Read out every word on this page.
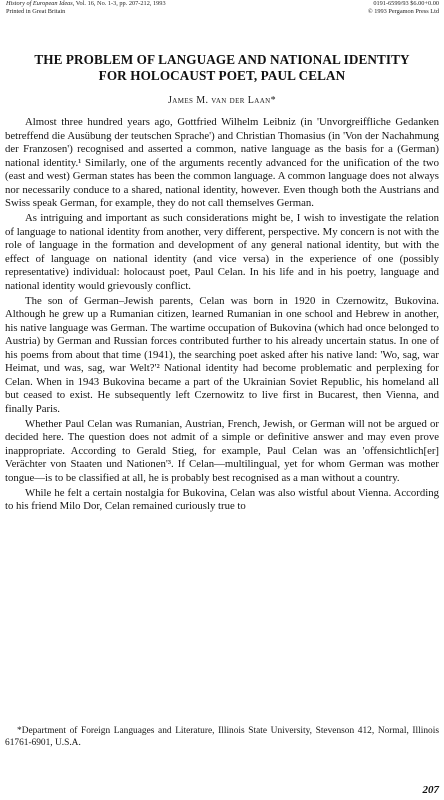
History of European Ideas, Vol. 16, No. 1-3, pp. 207-212, 1993
Printed in Great Britain
0191-6599/93 $6.00+0.00
© 1993 Pergamon Press Ltd
THE PROBLEM OF LANGUAGE AND NATIONAL IDENTITY
FOR HOLOCAUST POET, PAUL CELAN
James M. van der Laan*

Almost three hundred years ago, Gottfried Wilhelm Leibniz (in 'Unvorgreiffliche Gedanken betreffend die Ausübung der teutschen Sprache') and Christian Thomasius (in 'Von der Nachahmung der Franzosen') recognised and asserted a common, native language as the basis for a (German) national identity.¹ Similarly, one of the arguments recently advanced for the unification of the two (east and west) German states has been the common language. A common language does not always nor necessarily conduce to a shared, national identity, however. Even though both the Austrians and Swiss speak German, for example, they do not call themselves German.

As intriguing and important as such considerations might be, I wish to investigate the relation of language to national identity from another, very different, perspective. My concern is not with the role of language in the formation and development of any general national identity, but with the effect of language on national identity (and vice versa) in the experience of one (possibly representative) individual: holocaust poet, Paul Celan. In his life and in his poetry, language and national identity would grievously conflict.

The son of German–Jewish parents, Celan was born in 1920 in Czernowitz, Bukovina. Although he grew up a Rumanian citizen, learned Rumanian in one school and Hebrew in another, his native language was German. The wartime occupation of Bukovina (which had once belonged to Austria) by German and Russian forces contributed further to his already uncertain status. In one of his poems from about that time (1941), the searching poet asked after his native land: 'Wo, sag, war Heimat, und was, sag, war Welt?'² National identity had become problematic and perplexing for Celan. When in 1943 Bukovina became a part of the Ukrainian Soviet Republic, his homeland all but ceased to exist. He subsequently left Czernowitz to live first in Bucarest, then Vienna, and finally Paris.

Whether Paul Celan was Rumanian, Austrian, French, Jewish, or German will not be argued or decided here. The question does not admit of a simple or definitive answer and may even prove inappropriate. According to Gerald Stieg, for example, Paul Celan was an 'offensichtlich[er] Verächter von Staaten und Nationen'³. If Celan—multilingual, yet for whom German was mother tongue—is to be classified at all, he is probably best recognised as a man without a country.

While he felt a certain nostalgia for Bukovina, Celan was also wistful about Vienna. According to his friend Milo Dor, Celan remained curiously true to

*Department of Foreign Languages and Literature, Illinois State University, Stevenson 412, Normal, Illinois 61761-6901, U.S.A.
207
